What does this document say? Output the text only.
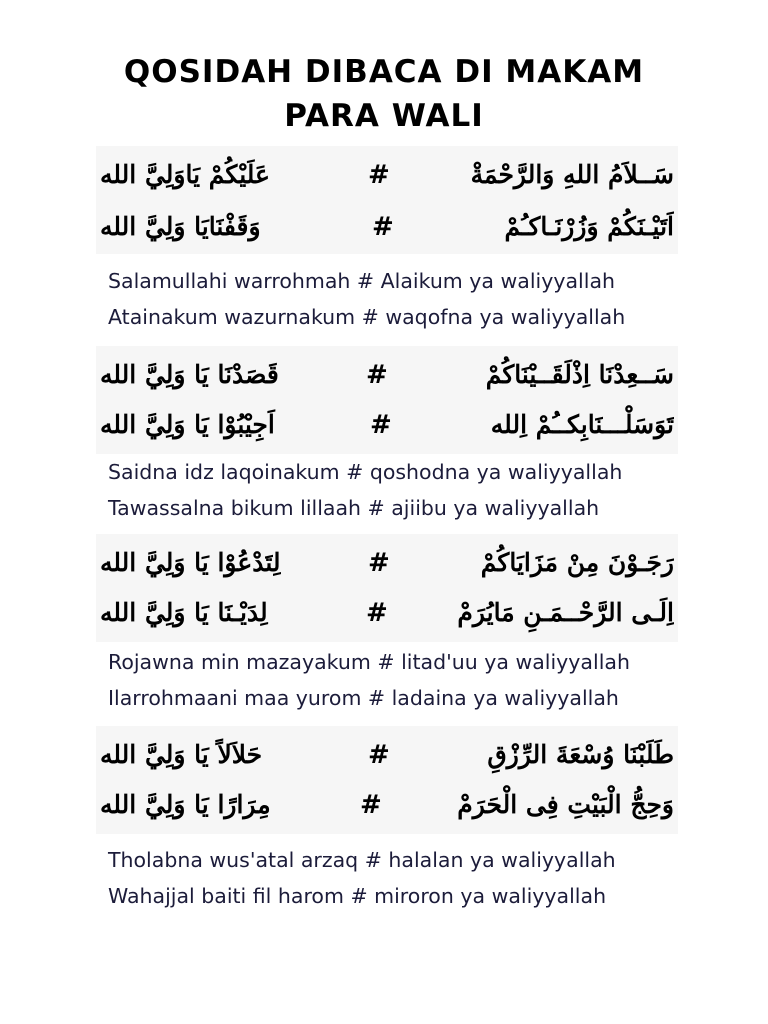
QOSIDAH DIBACA DI MAKAM
PARA WALI
سَــلاَمُ اللهِ وَالرَّحْمَةْ
#
عَلَيْكُمْ يَاوَلِيَّ الله
اَتَيْـنَكُمْ وَزُرْنَـاكـُمْ
#
وَقَفْنَايَا وَلِيَّ الله
Salamullahi warrohmah # Alaikum ya waliyyallah
Atainakum wazurnakum # waqofna ya waliyyallah
سَــعِدْنَا اِذْلَقَــيْنَاكُمْ
#
قَصَدْنَا يَا وَلِيَّ الله
تَوَسَلْـــنَابِكــُمْ اِلله
#
اَجِيْبُوْا يَا وَلِيَّ الله
Saidna idz laqoinakum # qoshodna ya waliyyallah
Tawassalna bikum lillaah # ajiibu ya waliyyallah
رَجَـوْنَ مِنْ مَزَايَاكُمْ
#
لِتَدْعُوْا يَا وَلِيَّ الله
اِلَـى الرَّحْــمَـنِ مَايُرَمْ
#
لِدَيْـنَا يَا وَلِيَّ الله
Rojawna min mazayakum # litad'uu ya waliyyallah
Ilarrohmaani maa yurom # ladaina ya waliyyallah
طَلَبْنَا وُسْعَةَ الرِّزْقِ
#
حَلاَلاً يَا وَلِيَّ الله
وَحِجُّ الْبَيْتِ فِى الْحَرَمْ
#
مِرَارًا يَا وَلِيَّ الله
Tholabna wus'atal arzaq # halalan ya waliyyallah
Wahajjal baiti fil harom # miroron ya waliyyallah
